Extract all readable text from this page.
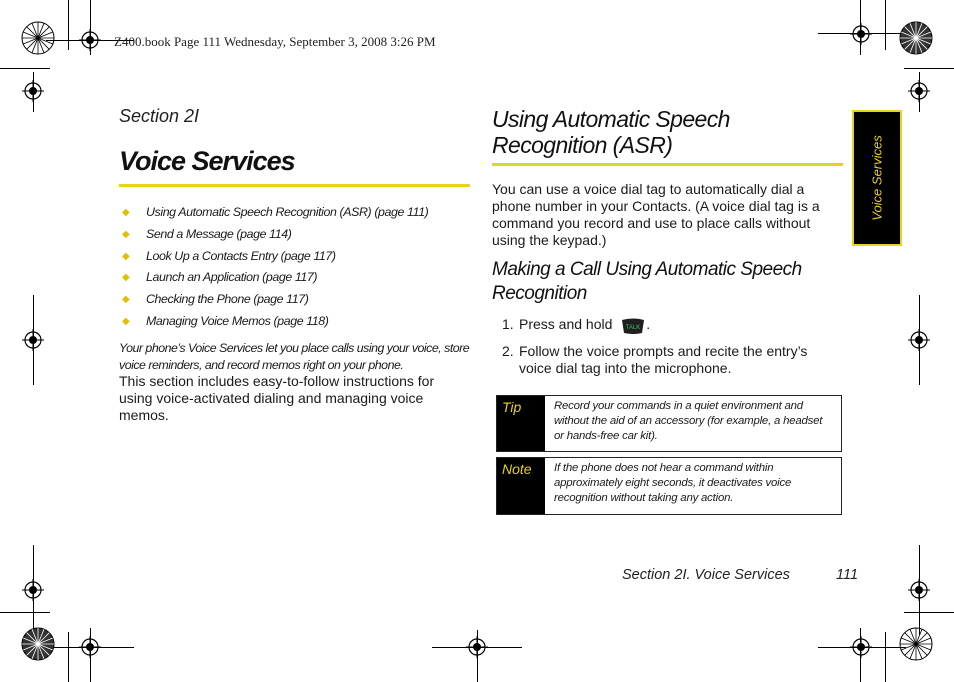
Z400.book Page 111 Wednesday, September 3, 2008 3:26 PM
Section 2I
Voice Services
◆ Using Automatic Speech Recognition (ASR) (page 111)
◆ Send a Message (page 114)
◆ Look Up a Contacts Entry (page 117)
◆ Launch an Application (page 117)
◆ Checking the Phone (page 117)
◆ Managing Voice Memos (page 118)
Your phone’s Voice Services let you place calls using your voice, store voice reminders, and record memos right on your phone.
This section includes easy-to-follow instructions for using voice-activated dialing and managing voice memos.
Using Automatic Speech Recognition (ASR)
You can use a voice dial tag to automatically dial a phone number in your Contacts. (A voice dial tag is a command you record and use to place calls without using the keypad.)
Making a Call Using Automatic Speech Recognition
1. Press and hold TALK .
2. Follow the voice prompts and recite the entry’s voice dial tag into the microphone.
Tip	Record your commands in a quiet environment and without the aid of an accessory (for example, a headset or hands-free car kit).
Note	If the phone does not hear a command within approximately eight seconds, it deactivates voice recognition without taking any action.
Voice Services
Section 2I. Voice Services	111
